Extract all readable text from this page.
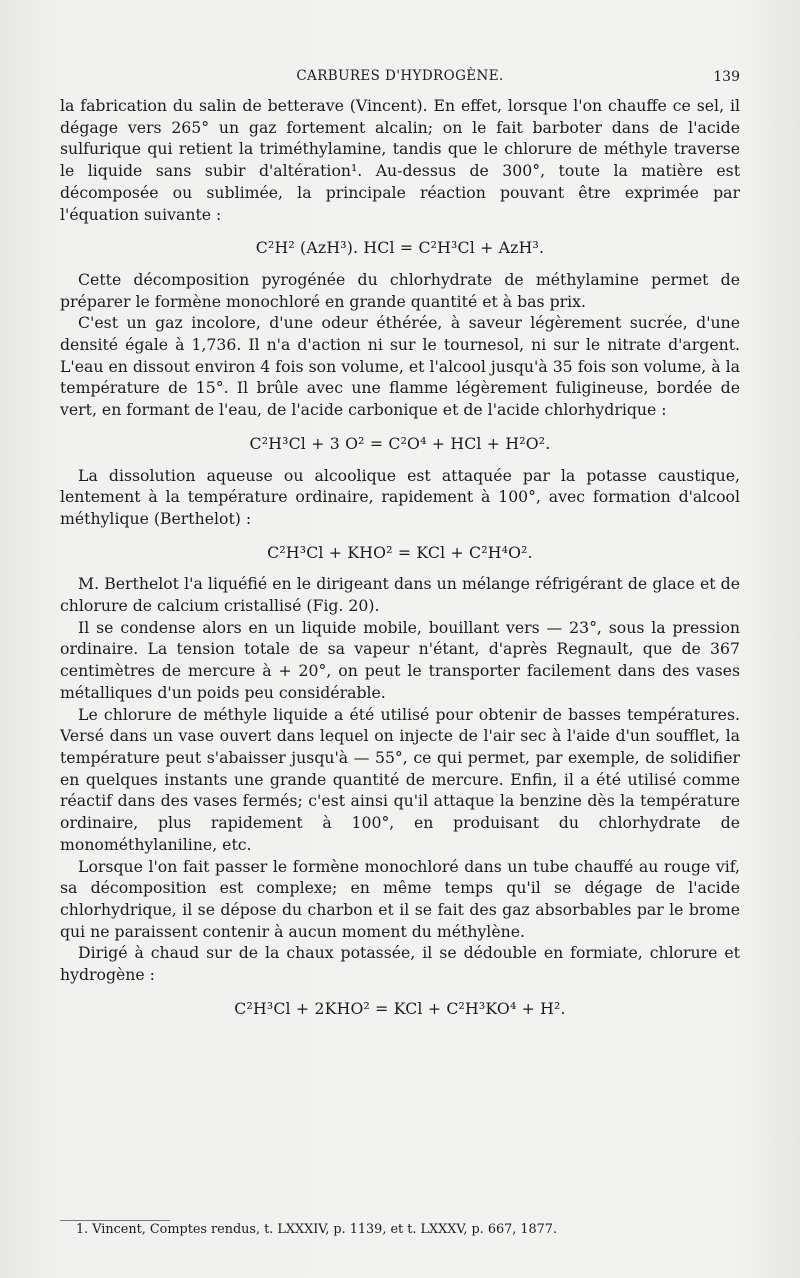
CARBURES D'HYDROGÈNE.	139

la fabrication du salin de betterave (Vincent). En effet, lorsque l'on chauffe ce sel, il dégage vers 265° un gaz fortement alcalin; on le fait barboter dans de l'acide sulfurique qui retient la triméthylamine, tandis que le chlorure de méthyle traverse le liquide sans subir d'altération¹. Au-dessus de 300°, toute la matière est décomposée ou sublimée, la principale réaction pouvant être exprimée par l'équation suivante :

C²H² (AzH³). HCl = C²H³Cl + AzH³.

Cette décomposition pyrogénée du chlorhydrate de méthylamine permet de préparer le formène monochloré en grande quantité et à bas prix.

C'est un gaz incolore, d'une odeur éthérée, à saveur légèrement sucrée, d'une densité égale à 1,736. Il n'a d'action ni sur le tournesol, ni sur le nitrate d'argent. L'eau en dissout environ 4 fois son volume, et l'alcool jusqu'à 35 fois son volume, à la température de 15°. Il brûle avec une flamme légèrement fuligineuse, bordée de vert, en formant de l'eau, de l'acide carbonique et de l'acide chlorhydrique :

C²H³Cl + 3 O² = C²O⁴ + HCl + H²O².

La dissolution aqueuse ou alcoolique est attaquée par la potasse caustique, lentement à la température ordinaire, rapidement à 100°, avec formation d'alcool méthylique (Berthelot) :

C²H³Cl + KHO² = KCl + C²H⁴O².

M. Berthelot l'a liquéfié en le dirigeant dans un mélange réfrigérant de glace et de chlorure de calcium cristallisé (Fig. 20).

Il se condense alors en un liquide mobile, bouillant vers — 23°, sous la pression ordinaire. La tension totale de sa vapeur n'étant, d'après Regnault, que de 367 centimètres de mercure à + 20°, on peut le transporter facilement dans des vases métalliques d'un poids peu considérable.

Le chlorure de méthyle liquide a été utilisé pour obtenir de basses températures. Versé dans un vase ouvert dans lequel on injecte de l'air sec à l'aide d'un soufflet, la température peut s'abaisser jusqu'à — 55°, ce qui permet, par exemple, de solidifier en quelques instants une grande quantité de mercure. Enfin, il a été utilisé comme réactif dans des vases fermés; c'est ainsi qu'il attaque la benzine dès la température ordinaire, plus rapidement à 100°, en produisant du chlorhydrate de monométhylaniline, etc.

Lorsque l'on fait passer le formène monochloré dans un tube chauffé au rouge vif, sa décomposition est complexe; en même temps qu'il se dégage de l'acide chlorhydrique, il se dépose du charbon et il se fait des gaz absorbables par le brome qui ne paraissent contenir à aucun moment du méthylène.

Dirigé à chaud sur de la chaux potassée, il se dédouble en formiate, chlorure et hydrogène :

C²H³Cl + 2KHO² = KCl + C²H³KO⁴ + H².
1. Vincent, Comptes rendus, t. LXXXIV, p. 1139, et t. LXXXV, p. 667, 1877.
